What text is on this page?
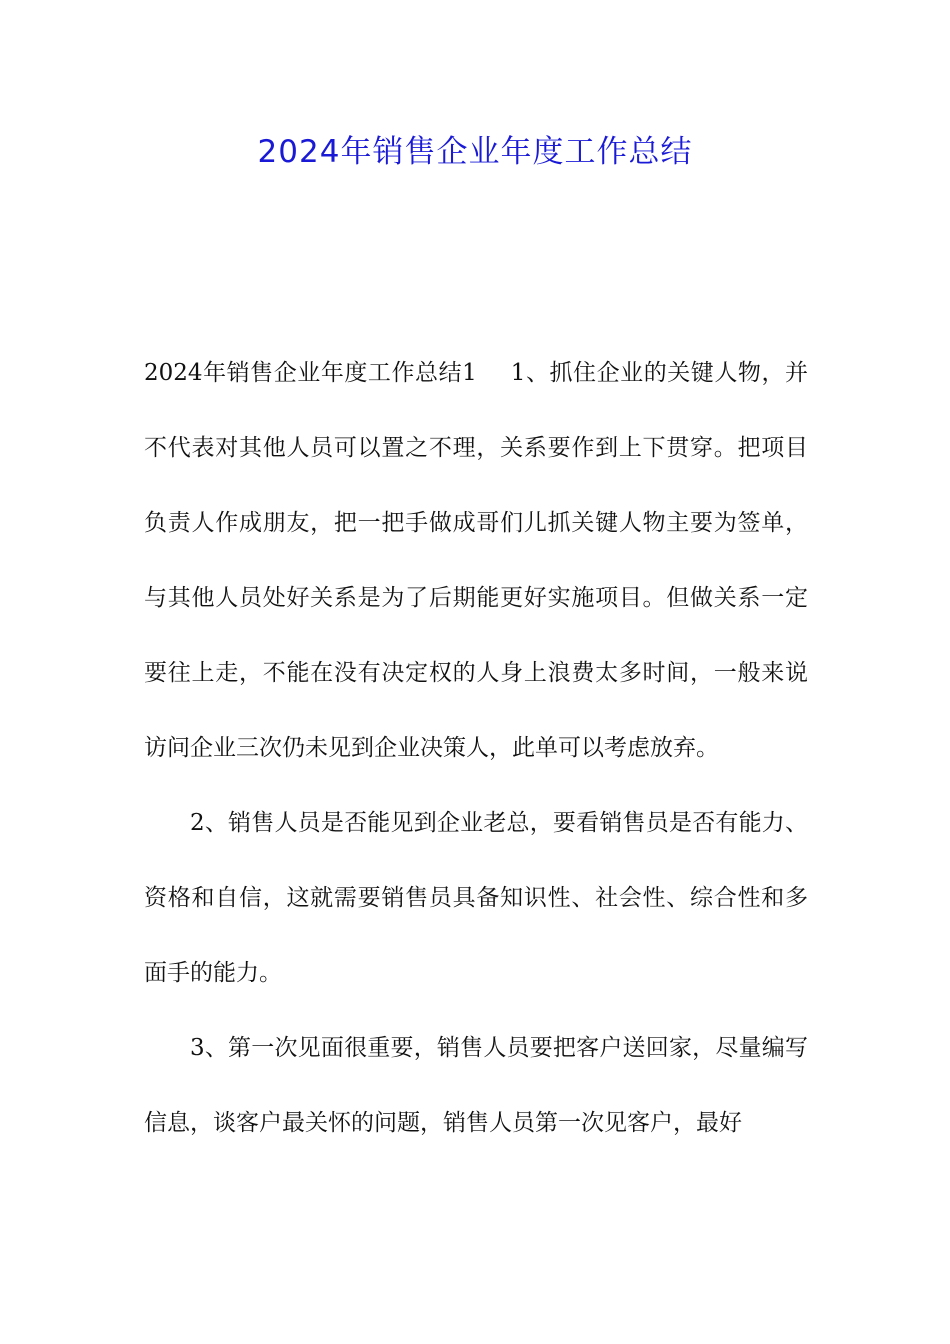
2024年销售企业年度工作总结

2024年销售企业年度工作总结1 1、抓住企业的关键人物，并不代表对其他人员可以置之不理，关系要作到上下贯穿。把项目负责人作成朋友，把一把手做成哥们儿抓关键人物主要为签单，与其他人员处好关系是为了后期能更好实施项目。但做关系一定要往上走，不能在没有决定权的人身上浪费太多时间，一般来说访问企业三次仍未见到企业决策人，此单可以考虑放弃。

2、销售人员是否能见到企业老总，要看销售员是否有能力、资格和自信，这就需要销售员具备知识性、社会性、综合性和多面手的能力。

3、第一次见面很重要，销售人员要把客户送回家，尽量编写信息，谈客户最关怀的问题，销售人员第一次见客户，最好
